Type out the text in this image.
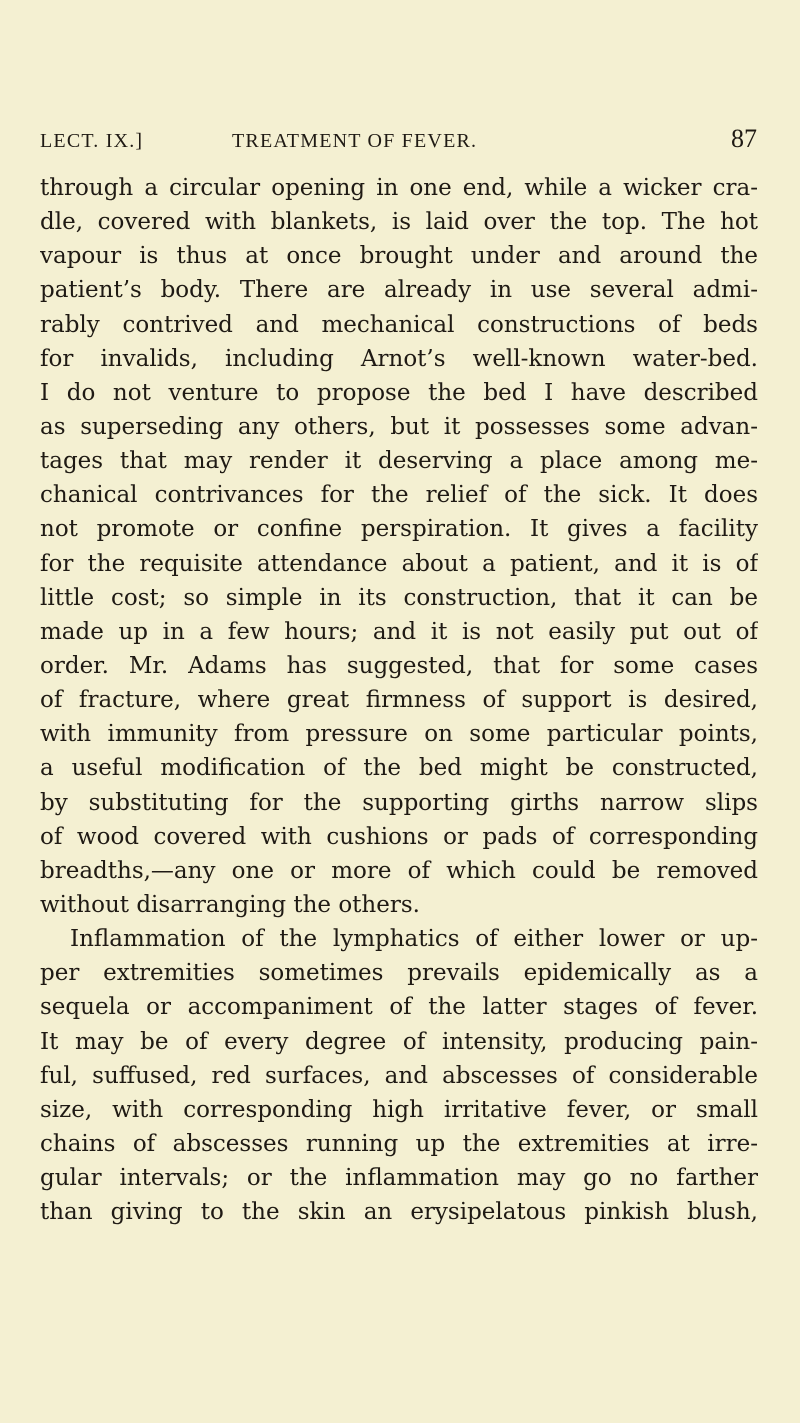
LECT. IX.]	TREATMENT OF FEVER.	87
through a circular opening in one end, while a wicker cra-
dle, covered with blankets, is laid over the top. The hot
vapour is thus at once brought under and around the
patient’s body. There are already in use several admi-
rably contrived and mechanical constructions of beds
for invalids, including Arnot’s well-known water-bed.
I do not venture to propose the bed I have described
as superseding any others, but it possesses some advan-
tages that may render it deserving a place among me-
chanical contrivances for the relief of the sick. It does
not promote or confine perspiration. It gives a facility
for the requisite attendance about a patient, and it is of
little cost; so simple in its construction, that it can be
made up in a few hours; and it is not easily put out of
order. Mr. Adams has suggested, that for some cases
of fracture, where great firmness of support is desired,
with immunity from pressure on some particular points,
a useful modification of the bed might be constructed,
by substituting for the supporting girths narrow slips
of wood covered with cushions or pads of corresponding
breadths,—any one or more of which could be removed
without disarranging the others.
Inflammation of the lymphatics of either lower or up-
per extremities sometimes prevails epidemically as a
sequela or accompaniment of the latter stages of fever.
It may be of every degree of intensity, producing pain-
ful, suffused, red surfaces, and abscesses of considerable
size, with corresponding high irritative fever, or small
chains of abscesses running up the extremities at irre-
gular intervals; or the inflammation may go no farther
than giving to the skin an erysipelatous pinkish blush,
